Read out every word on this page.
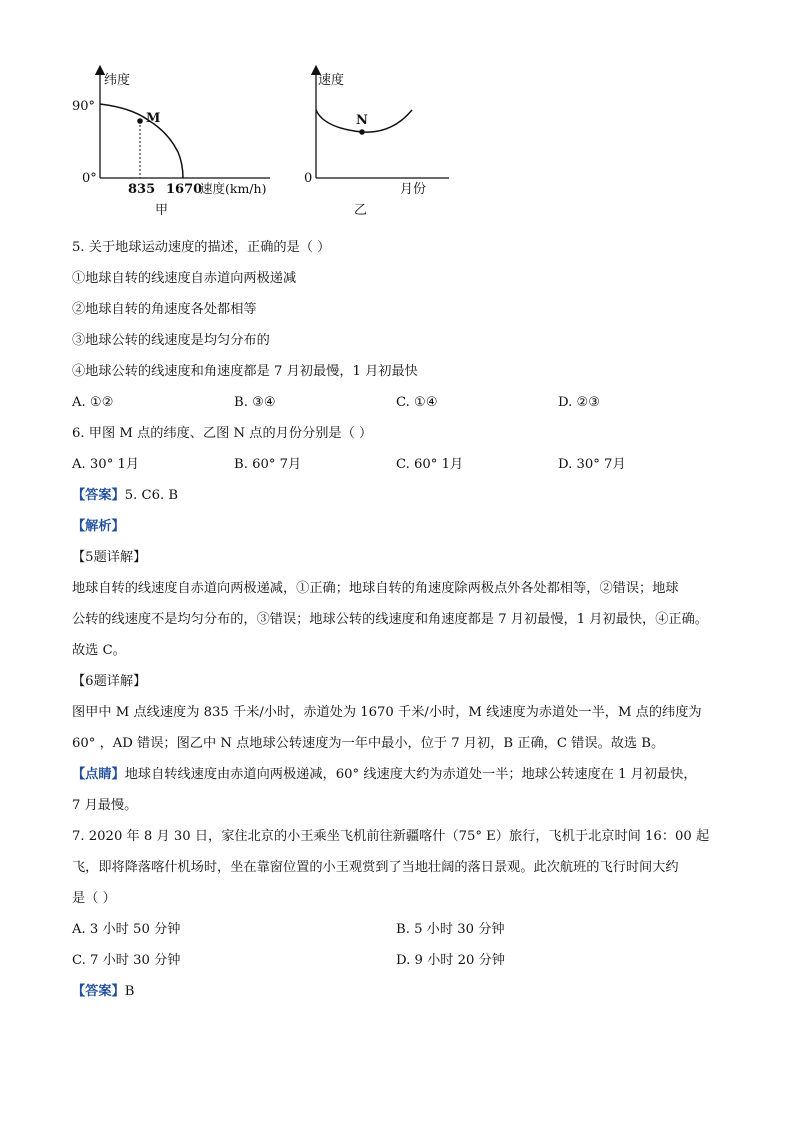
纬度
90°
0°
M
835 1670
速度(km/h)
甲
速度
0
N
月份
乙
5. 关于地球运动速度的描述，正确的是（ ）
①地球自转的线速度自赤道向两极递减
②地球自转的角速度各处都相等
③地球公转的线速度是均匀分布的
④地球公转的线速度和角速度都是 7 月初最慢，1 月初最快
A. ①②	B. ③④	C. ①④	D. ②③
6. 甲图 M 点的纬度、乙图 N 点的月份分别是（ ）
A. 30° 1月	B. 60° 7月	C. 60° 1月	D. 30° 7月
【答案】5. C6. B
【解析】
【5题详解】
地球自转的线速度自赤道向两极递减，①正确；地球自转的角速度除两极点外各处都相等，②错误；地球
公转的线速度不是均匀分布的，③错误；地球公转的线速度和角速度都是 7 月初最慢，1 月初最快，④正确。
故选 C。
【6题详解】
图甲中 M 点线速度为 835 千米/小时，赤道处为 1670 千米/小时，M 线速度为赤道处一半，M 点的纬度为
60° ，AD 错误；图乙中 N 点地球公转速度为一年中最小，位于 7 月初，B 正确，C 错误。故选 B。
【点睛】地球自转线速度由赤道向两极递减，60° 线速度大约为赤道处一半；地球公转速度在 1 月初最快，
7 月最慢。
7. 2020 年 8 月 30 日，家住北京的小王乘坐飞机前往新疆喀什（75° E）旅行，飞机于北京时间 16：00 起
飞，即将降落喀什机场时，坐在靠窗位置的小王观赏到了当地壮阔的落日景观。此次航班的飞行时间大约
是（ ）
A. 3 小时 50 分钟	B. 5 小时 30 分钟
C. 7 小时 30 分钟	D. 9 小时 20 分钟
【答案】B
